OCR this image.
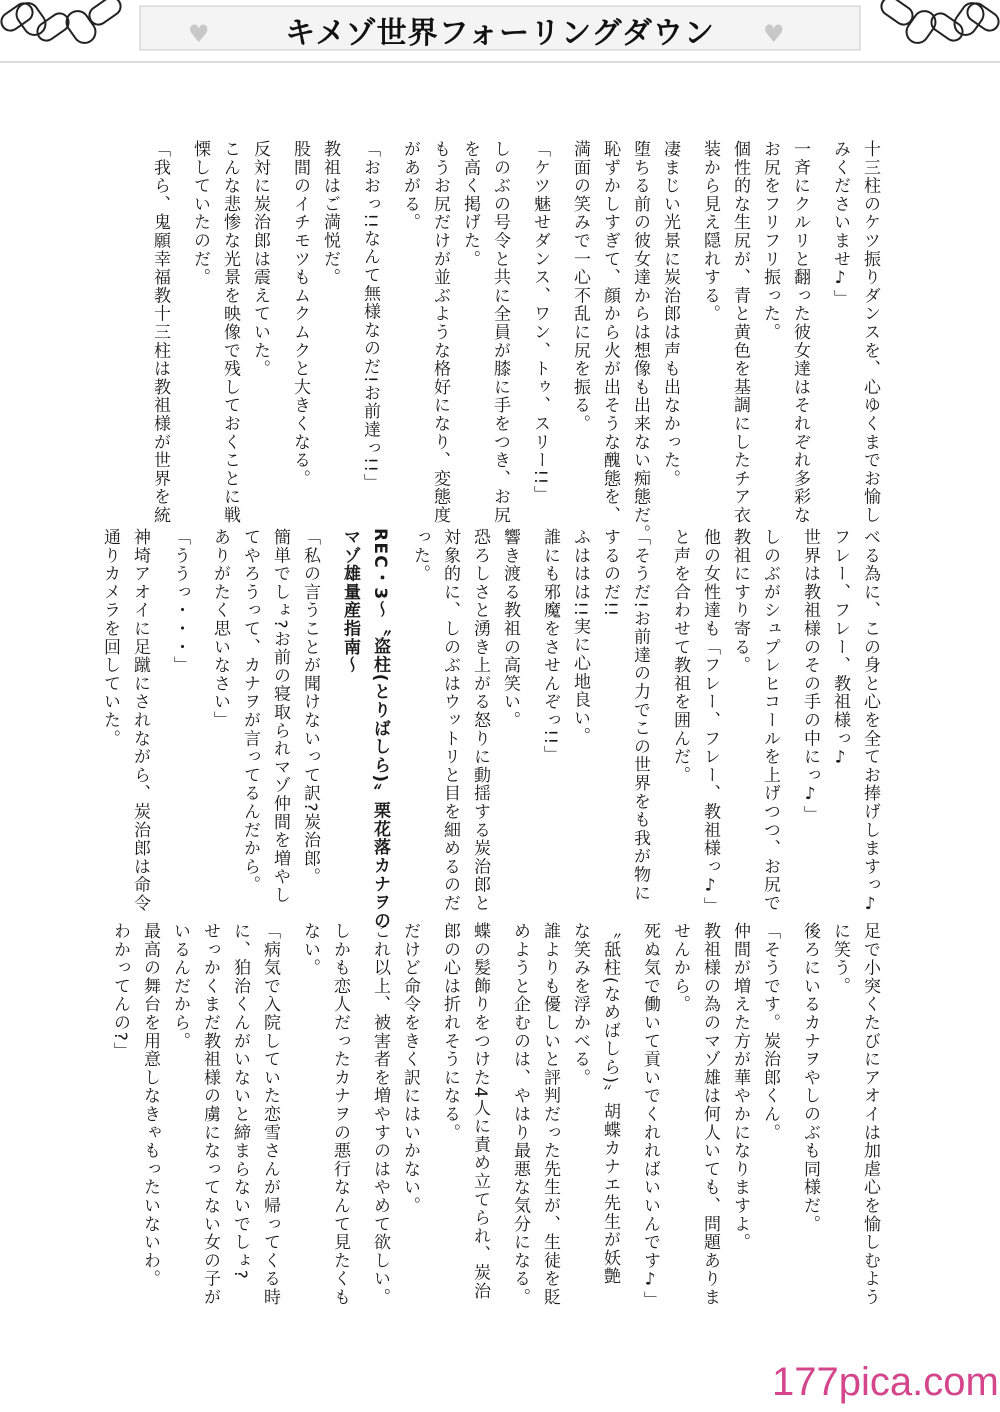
♥	♥
キメゾ世界フォーリングダウン
十三柱のケツ振りダンスを、心ゆくまでお愉し
みくださいませ♪」
一斉にクルリと翻った彼女達はそれぞれ多彩な
お尻をフリフリ振った。
個性的な生尻が、青と黄色を基調にしたチア衣
装から見え隠れする。
凄まじい光景に炭治郎は声も出なかった。
堕ちる前の彼女達からは想像も出来ない痴態だ。
恥ずかしすぎて、顔から火が出そうな醜態を、
満面の笑みで一心不乱に尻を振る。
「ケツ魅せダンス、ワン、トゥ、スリー!!」
しのぶの号令と共に全員が膝に手をつき、お尻
を高く掲げた。
もうお尻だけが並ぶような格好になり、変態度
があがる。
「おおっ!!なんて無様なのだ!お前達っ!!」
教祖はご満悦だ。
股間のイチモツもムクムクと大きくなる。
反対に炭治郎は震えていた。
こんな悲惨な光景を映像で残しておくことに戦
慄していたのだ。
「我ら、鬼願幸福教十三柱は教祖様が世界を統
べる為に、この身と心を全てお捧げしますっ♪
フレー、フレー、教祖様っ♪
世界は教祖様のその手の中にっ♪」
しのぶがシュプレヒコールを上げつつ、お尻で
教祖にすり寄る。
他の女性達も「フレー、フレー、教祖様っ♪」
と声を合わせて教祖を囲んだ。
「そうだ!お前達の力でこの世界をも我が物に
するのだ!!
ふははは!!実に心地良い。
誰にも邪魔をさせんぞっ!!」
響き渡る教祖の高笑い。
恐ろしさと湧き上がる怒りに動揺する炭治郎と
対象的に、しのぶはウットリと目を細めるのだ
った。
REC・3〜〝盗柱(とりばしら)〟栗花落カナヲの
マゾ雄量産指南〜
「私の言うことが聞けないって訳?炭治郎。
簡単でしょ?お前の寝取られマゾ仲間を増やし
てやろうって、カナヲが言ってるんだから。
ありがたく思いなさい」
「ううっ・・・」
神埼アオイに足蹴にされながら、炭治郎は命令
通りカメラを回していた。
足で小突くたびにアオイは加虐心を愉しむよう
に笑う。
後ろにいるカナヲやしのぶも同様だ。
「そうです。炭治郎くん。
仲間が増えた方が華やかになりますよ。
教祖様の為のマゾ雄は何人いても、問題ありま
せんから。
死ぬ気で働いて貢いでくれればいいんです♪」
〝舐柱(なめばしら)〟胡蝶カナエ先生が妖艶
な笑みを浮かべる。
誰よりも優しいと評判だった先生が、生徒を貶
めようと企むのは、やはり最悪な気分になる。
蝶の髪飾りをつけた4人に責め立てられ、炭治
郎の心は折れそうになる。
だけど命令をきく訳にはいかない。
これ以上、被害者を増やすのはやめて欲しい。
しかも恋人だったカナヲの悪行なんて見たくも
ない。
「病気で入院していた恋雪さんが帰ってくる時
に、狛治くんがいないと締まらないでしょ?
せっかくまだ教祖様の虜になってない女の子が
いるんだから。
最高の舞台を用意しなきゃもったいないわ。
わかってんの?」
177pica.com
